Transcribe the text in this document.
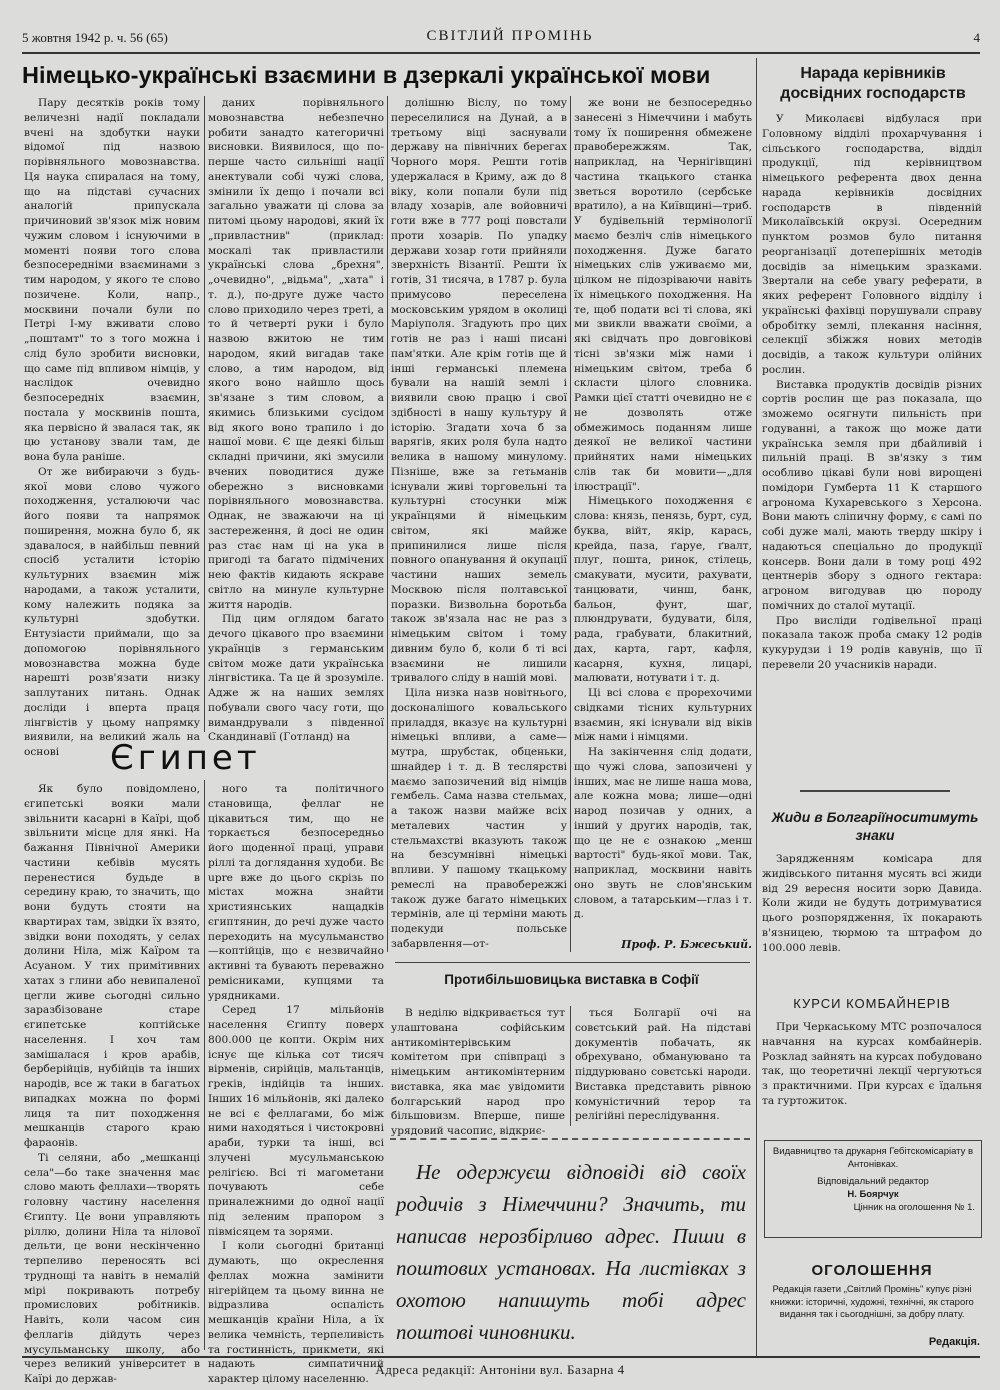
5 жовтня 1942 р. ч. 56 (65)	СВІТЛИЙ ПРОМІНЬ	4
Німецько-українські взаємини в дзеркалі української мови

Пару десятків років тому величезні надії покладали вчені на здобутки науки відомої під назвою порівняльного мовознавства. Ця наука спиралася на тому, що на підставі сучасних аналогій припускала причиновий зв'язок між новим чужим словом і існуючими в моменті появи того слова безпосередніми взаєминами з тим народом, у якого те слово позичене. Коли, напр., москвини почали були по Петрі І-му вживати слово „поштамт" то з того можна і слід було зробити висновки, що саме під впливом німців, у наслідок очевидно безпосередніх взаємин, постала у москвинів пошта, яка первісно й звалася так, як цю установу звали там, де вона була раніше.

От же вибираючи з будь-якої мови слово чужого походження, усталюючи час його появи та напрямок поширення, можна було б, як здавалося, в найбільш певний спосіб усталити історію культурних взаємин між народами, а також усталити, кому належить подяка за культурні здобутки. Ентузіасти приймали, що за допомогою порівняльного мовознавства можна буде нарешті розв'язати низку заплутаних питань. Однак досліди і вперта праця лінгвістів у цьому напрямку виявили, на великий жаль на основі

даних порівняльного мовознавства небезпечно робити занадто категоричні висновки. Виявилося, що по-перше часто сильніші нації анектували собі чужі слова, змінили їх дещо і почали всі загально уважати ці слова за питомі цьому народові, який їх „привластнив" (приклад: москалі так привластили українські слова „брехня", „очевидно", „відьма", „хата" і т. д.), по-друге дуже часто слово приходило через треті, а то й четверті руки і було назвою вжитою не тим народом, який вигадав таке слово, а тим народом, від якого воно найшло щось зв'язане з тим словом, а якимись близькими сусідом від якого воно трапило і до нашої мови. Є ще деякі більш складні причини, які змусили вчених поводитися дуже обережно з висновками порівняльного мовознавства. Однак, не зважаючи на ці застереження, й досі не один раз стає нам ці на ука в пригоді та багато підмічених нею фактів кидають яскраве світло на минуле культурне життя народів.

Під цим оглядом багато дечого цікавого про взаємини українців з германським світом може дати українська лінгвістика. Та це й зрозуміле. Адже ж на наших землях побували свого часу готи, що вимандрували з південної Скандинавії (Готланд) на

долішню Віслу, по тому переселилися на Дунай, а в третьому віці заснували державу на північних берегах Чорного моря. Решти готів удержалася в Криму, аж до 8 віку, коли попали були під владу хозарів, але войовничі готи вже в 777 році повстали проти хозарів. По упадку держави хозар готи прийняли зверхність Візантії. Решти їх готів, 31 тисяча, в 1787 р. була примусово переселена московським урядом в околиці Маріуполя. Згадують про цих готів не раз і наші писані пам'ятки. Але крім готів ще й інші германські племена бували на нашій землі і виявили свою працю і свої здібності в нашу культуру й історію. Згадати хоча б за варягів, яких роля була надто велика в нашому минулому. Пізніше, вже за гетьманів існували живі торговельні та культурні стосунки між українцями й німецьким світом, які майже припинилися лише після повного опанування й окупації частини наших земель Москвою після полтавської поразки. Визвольна боротьба також зв'язала нас не раз з німецьким світом і тому дивним було б, коли б ті всі взаємини не лишили тривалого сліду в нашій мові.

Ціла низка назв новітнього, досконалішого ковальського приладдя, вказує на культурні німецькі впливи, а саме—мутра, шрубстак, обценьки, шнайдер і т. д. В теслярстві маємо запозичений від німців гембель. Сама назва стельмах, а також назви майже всіх металевих частин у стельмахстві вказують також на безсумнівні німецькі впливи. У пашому ткацькому ремеслі на правобережжі також дуже багато німецьких термінів, але ці терміни мають подекуди польське забарвлення—от-

же вони не безпосередньо занесені з Німеччини і мабуть тому їх поширення обмежене правобережжям. Так, наприклад, на Чернігівщині частина ткацького станка зветься воротило (сербське вратило), а на Київщині—триб. У будівельній термінології маємо безліч слів німецького походження. Дуже багато німецьких слів уживаємо ми, цілком не підозріваючи навіть їх німецького походження. На те, щоб подати всі ті слова, які ми звикли вважати своїми, а які свідчать про довговікові тісні зв'язки між нами і німецьким світом, треба б скласти цілого словника. Рамки цієї статті очевидно не є не дозволять отже обмежимось поданням лише деякої не великої частини прийнятих нами німецьких слів так би мовити—„для ілюстрації".

Німецького походження є слова: князь, пенязь, бурт, суд, буква, війт, якір, карась, крейда, паза, ґаруе, ґвалт, плуг, пошта, ринок, стілець, смакувати, мусити, рахувати, танцювати, чинш, банк, бальон, фунт, шаг, плюндрувати, будувати, біля, рада, грабувати, блакитний, дах, карта, гарт, кафля, касарня, кухня, лицарі, малювати, нотувати і т. д.

Ці всі слова є прорехочими свідками тісних культурних взаємин, які існували від віків між нами і німцями.

На закінчення слід додати, що чужі слова, запозичені у інших, має не лише наша мова, але кожна мова; лише—одні народ позичав у одних, а інший у других народів, так, що це не є ознакою „менш вартості" будь-якої мови. Так, наприклад, москвини навіть оно звуть не слов'янським словом, а татарським—глаз і т. д.

Проф. Р. Бжеський.
Єгипет

Як було повідомлено, єгипетські вояки мали звільнити касарні в Каїрі, щоб звільнити місце для янкі. На бажання Північної Америки частини кебівів мусять перенестися будьде в середину краю, то значить, що вони будуть стояти на квартирах там, звідки їх взято, звідки вони походять, у селах долини Ніла, між Каїром та Асуаном. У тих примітивних хатах з глини або невипаленої цегли живе сьогодні сильно заразбізоване старе єгипетське коптійське населення. І хоч там замішалася і кров арабів, берберійців, нубійців та інших народів, все ж таки в багатьох випадках можна по формі лиця та пит походження мешканців старого краю фараонів.

Ті селяни, або „мешканці села"—бо таке значення має слово мають феллахи—творять головну частину населення Єгипту. Це вони управляють ріллю, долини Ніла та нілової дельти, це вони нескінченно терпеливо переносять всі труднощі та навіть в немалій мірі покривають потребу промислових робітників. Навіть, коли часом син феллагів дійдуть через мусульманську школу, або через великий університет в Каїрі до держав-

ного та політичного становища, феллаг не цікавиться тим, що не торкається безпосередньо його щоденної праці, управи ріллі та доглядання худоби. Вє upre вже до цього скрізь по містах можна знайти християнських нащадків єгиптянин, до речі дуже часто переходить на мусульманство—коптійців, що є незвичайно активні та бувають переважно ремісниками, купцями та урядниками.

Серед 17 мільйонів населення Єгипту поверх 800.000 це копти. Окрім них існує ще кілька сот тисяч вірменів, сирійців, мальтанців, греків, індійців та інших. Інших 16 мільйонів, які далеко не всі є феллагами, бо між ними находяться і чистокровні араби, турки та інші, всі злучені мусульманською релігією. Всі ті магометани почувають себе приналежними до одної нації під зеленим прапором з півмісяцем та зорями.

І коли сьогодні британці думають, що окреслення феллах можна замінити нігерійцем та цьому винна не відразлива оспалість мешканців країни Ніла, а їх велика чемність, терпеливість та гостинність, прикмети, які надають симпатичний характер цілому населенню.

Протибільшовицька виставка в Софії

В неділю відкривається тут улаштована софійським антикомінтерівським комітетом при співпраці з німецьким антикомінтерним виставка, яка має увідомити болгарський народ про більшовизм. Вперше, пише урядовий часопис, відкриє-

ться Болгарії очі на совєтський рай. На підставі документів побачать, як обрехувано, обмануювано та піддурювано совєтські народи. Виставка представить рівною комуністичний терор та релігійні переслідування.

Не одержуєш відповіді від своїх родичів з Німеччини? Значить, ти написав нерозбірливо адрес. Пиши в поштових установах. На листівках з охотою напишуть тобі адрес поштові чиновники.
Нарада керівників досвідних господарств

У Миколаєві відбулася при Головному відділі прохарчування і сільського господарства, відділ продукції, під керівництвом німецького референта двох денна нарада керівників досвідних господарств в південній Миколаївській окрузі. Осередним пунктом розмов було питання реорганізації дотеперішніх методів досвідів за німецьким зразками. Звертали на себе увагу реферати, в яких референт Головного відділу і українські фахівці порушували справу обробітку землі, плекання насіння, селекції збіжжя нових методів досвідів, а також культури олійних рослин.

Виставка продуктів досвідів різних сортів рослин ще раз показала, що зможемо осягнути пильність при годуванні, а також що може дати українська земля при дбайливій і пильній праці. В зв'язку з тим особливо цікаві були нові вирощені помідори Гумберта 11 К старшого агронома Кухаревського з Херсона. Вони мають сліпичну форму, є самі по собі дуже малі, мають тверду шкіру і надаються спеціально до продукції консерв. Вони дали в тому році 492 центнерів збору з одного гектара: агроном вигодував цю породу помічних до сталої мутації.

Про висліди годівельної праці показала також проба смаку 12 родів кукурудзи і 19 родів кавунів, що її перевели 20 учасників наради.

Жиди в Болгаріїноситимуть знаки

Зарядженням комісара для жидівського питання мусять всі жиди від 29 вересня носити зорю Давида. Коли жиди не будуть дотримуватися цього розпорядження, їх покарають в'язницею, тюрмою та штрафом до 100.000 левів.

КУРСИ КОМБАЙНЕРІВ

При Черкаському МТС розпочалося навчання на курсах комбайнерів. Розклад зайнять на курсах побудовано так, що теоретичні лекції чергуються з практичними. При курсах є їдальня та гуртожиток.

Видавництво та друкарня Гебітскомісаріату в Антонівках.
Відповідальний редактор
Н. Боярчук
Цінник на оголошення № 1.
ОГОЛОШЕННЯ
Редакція газети „Світлий Промінь" купує різні книжки: історичні, художні, технічні, як старого видання так і сьогоднішні, за добру плату.
Редакція.
Адреса редакції: Антоніни вул. Базарна 4
